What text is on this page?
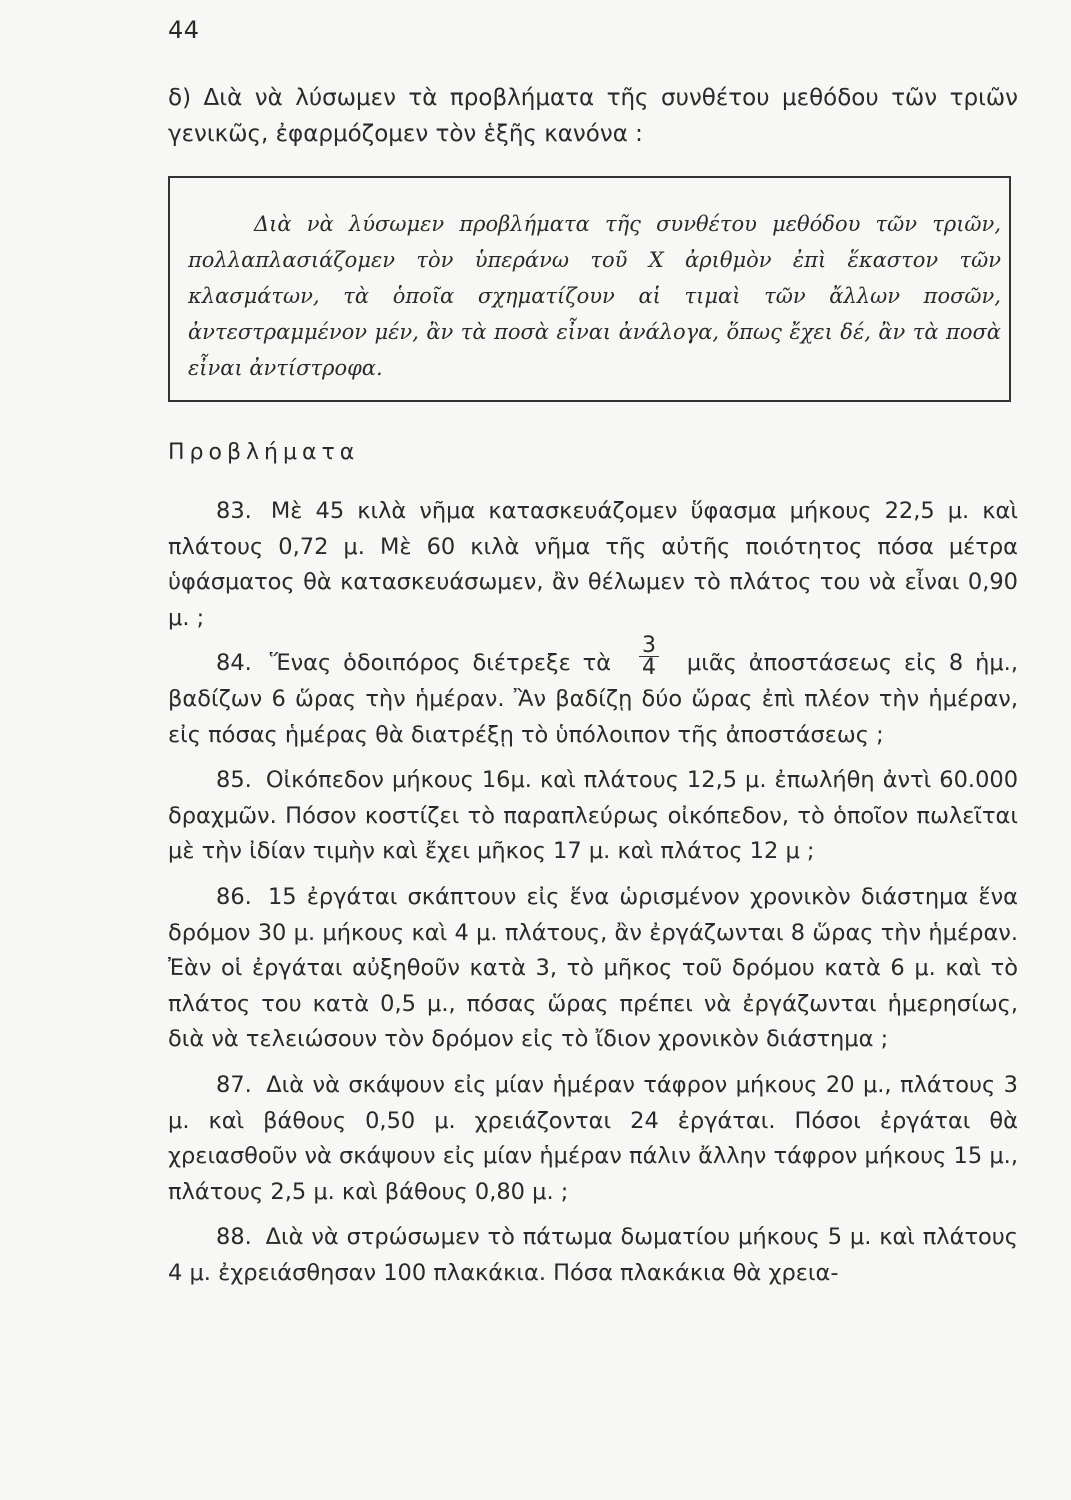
44

δ) Διὰ νὰ λύσωμεν τὰ προβλήματα τῆς συνθέτου μεθόδου τῶν τριῶν γενικῶς, ἐφαρμόζομεν τὸν ἑξῆς κανόνα :

Διὰ νὰ λύσωμεν προβλήματα τῆς συνθέτου μεθόδου τῶν τριῶν, πολλαπλασιάζομεν τὸν ὑπεράνω τοῦ X ἀριθμὸν ἐπὶ ἕκαστον τῶν κλασμάτων, τὰ ὁποῖα σχηματίζουν αἱ τιμαὶ τῶν ἄλλων ποσῶν, ἀντεστραμμένον μέν, ἂν τὰ ποσὰ εἶναι ἀνάλογα, ὅπως ἔχει δέ, ἂν τὰ ποσὰ εἶναι ἀντίστροφα.

Προβλήματα

83. Μὲ 45 κιλὰ νῆμα κατασκευάζομεν ὕφασμα μήκους 22,5 μ. καὶ πλάτους 0,72 μ. Μὲ 60 κιλὰ νῆμα τῆς αὐτῆς ποιότητος πόσα μέτρα ὑφάσματος θὰ κατασκευάσωμεν, ἂν θέλωμεν τὸ πλάτος του νὰ εἶναι 0,90 μ. ;

84. Ἕνας ὁδοιπόρος διέτρεξε τὰ $\frac{3}{4}$ μιᾶς ἀποστάσεως εἰς 8 ἡμ., βαδίζων 6 ὥρας τὴν ἡμέραν. Ἂν βαδίζῃ δύο ὥρας ἐπὶ πλέον τὴν ἡμέραν, εἰς πόσας ἡμέρας θὰ διατρέξῃ τὸ ὑπόλοιπον τῆς ἀποστάσεως ;

85. Οἰκόπεδον μήκους 16μ. καὶ πλάτους 12,5 μ. ἐπωλήθη ἀντὶ 60.000 δραχμῶν. Πόσον κοστίζει τὸ παραπλεύρως οἰκόπεδον, τὸ ὁποῖον πωλεῖται μὲ τὴν ἰδίαν τιμὴν καὶ ἔχει μῆκος 17 μ. καὶ πλάτος 12 μ ;

86. 15 ἐργάται σκάπτουν εἰς ἕνα ὡρισμένον χρονικὸν διάστημα ἕνα δρόμον 30 μ. μήκους καὶ 4 μ. πλάτους, ἂν ἐργάζωνται 8 ὥρας τὴν ἡμέραν. Ἐὰν οἱ ἐργάται αὐξηθοῦν κατὰ 3, τὸ μῆκος τοῦ δρόμου κατὰ 6 μ. καὶ τὸ πλάτος του κατὰ 0,5 μ., πόσας ὥρας πρέπει νὰ ἐργάζωνται ἡμερησίως, διὰ νὰ τελειώσουν τὸν δρόμον εἰς τὸ ἴδιον χρονικὸν διάστημα ;

87. Διὰ νὰ σκάψουν εἰς μίαν ἡμέραν τάφρον μήκους 20 μ., πλάτους 3 μ. καὶ βάθους 0,50 μ. χρειάζονται 24 ἐργάται. Πόσοι ἐργάται θὰ χρειασθοῦν νὰ σκάψουν εἰς μίαν ἡμέραν πάλιν ἄλλην τάφρον μήκους 15 μ., πλάτους 2,5 μ. καὶ βάθους 0,80 μ. ;

88. Διὰ νὰ στρώσωμεν τὸ πάτωμα δωματίου μήκους 5 μ. καὶ πλάτους 4 μ. ἐχρειάσθησαν 100 πλακάκια. Πόσα πλακάκια θὰ χρεια-
